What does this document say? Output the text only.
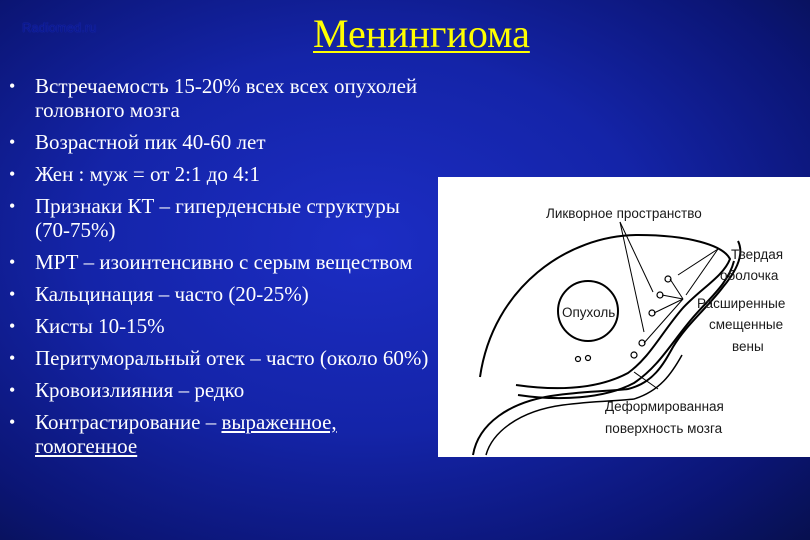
Radiomed.ru	Менингиома
• Встречаемость 15-20% всех всех опухолей головного мозга
• Возрастной пик 40-60 лет
• Жен : муж = от 2:1 до 4:1
• Признаки КТ – гиперденсные структуры (70-75%)
• МРТ – изоинтенсивно с серым веществом
• Кальцинация – часто (20-25%)
• Кисты 10-15%
• Перитуморальный отек – часто (около 60%)
• Кровоизлияния – редко
• Контрастирование – выраженное, гомогенное
Ликворное пространство
Твердая
оболочка
Расширенные
смещенные
вены
Опухоль
Деформированная
поверхность мозга
